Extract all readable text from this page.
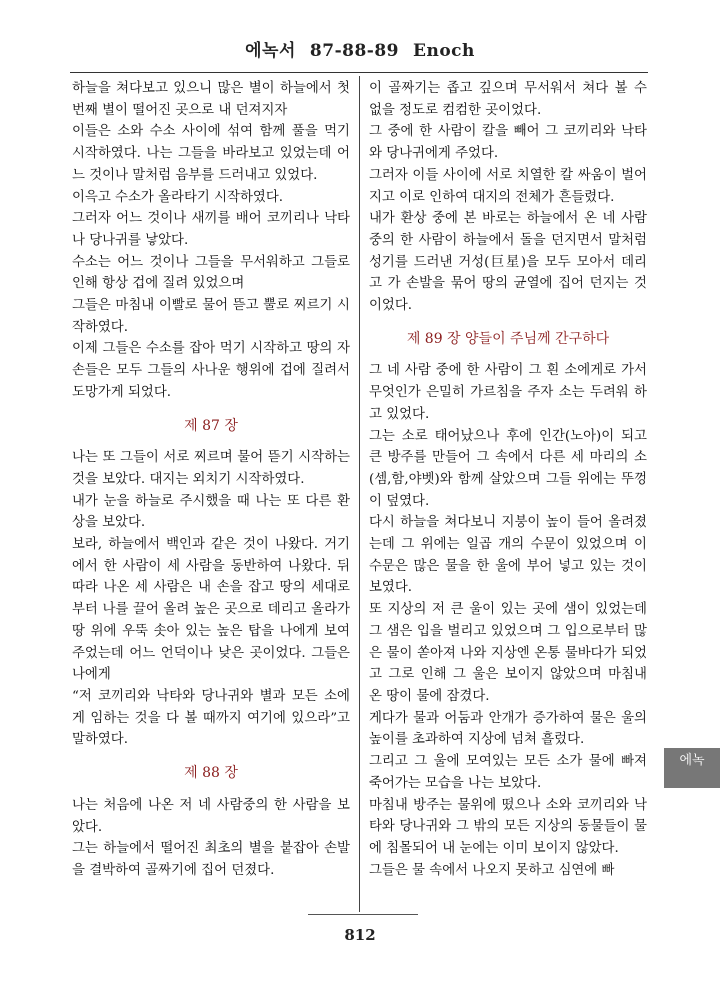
에녹서 87-88-89 Enoch

하늘을 쳐다보고 있으니 많은 별이 하늘에서 첫 번째 별이 떨어진 곳으로 내 던져지자

이들은 소와 수소 사이에 섞여 함께 풀을 먹기 시작하였다. 나는 그들을 바라보고 있었는데 어느 것이나 말처럼 음부를 드러내고 있었다.

이윽고 수소가 올라타기 시작하였다.

그러자 어느 것이나 새끼를 배어 코끼리나 낙타나 당나귀를 낳았다.

수소는 어느 것이나 그들을 무서워하고 그들로 인해 항상 겁에 질려 있었으며

그들은 마침내 이빨로 물어 뜯고 뿔로 찌르기 시작하였다.

이제 그들은 수소를 잡아 먹기 시작하고 땅의 자손들은 모두 그들의 사나운 행위에 겁에 질려서 도망가게 되었다.

제 87 장

나는 또 그들이 서로 찌르며 물어 뜯기 시작하는 것을 보았다. 대지는 외치기 시작하였다.

내가 눈을 하늘로 주시했을 때 나는 또 다른 환상을 보았다.

보라, 하늘에서 백인과 같은 것이 나왔다. 거기에서 한 사람이 세 사람을 동반하여 나왔다. 뒤따라 나온 세 사람은 내 손을 잡고 땅의 세대로부터 나를 끌어 올려 높은 곳으로 데리고 올라가 땅 위에 우뚝 솟아 있는 높은 탑을 나에게 보여 주었는데 어느 언덕이나 낮은 곳이었다. 그들은 나에게

“저 코끼리와 낙타와 당나귀와 별과 모든 소에게 임하는 것을 다 볼 때까지 여기에 있으라”고 말하였다.

제 88 장

나는 처음에 나온 저 네 사람중의 한 사람을 보았다.

그는 하늘에서 떨어진 최초의 별을 붙잡아 손발을 결박하여 골짜기에 집어 던졌다.

이 골짜기는 좁고 깊으며 무서워서 쳐다 볼 수 없을 정도로 컴컴한 곳이었다.

그 중에 한 사람이 칼을 빼어 그 코끼리와 낙타와 당나귀에게 주었다.

그러자 이들 사이에 서로 치열한 칼 싸움이 벌어지고 이로 인하여 대지의 전체가 흔들렸다.

내가 환상 중에 본 바로는 하늘에서 온 네 사람중의 한 사람이 하늘에서 돌을 던지면서 말처럼 성기를 드러낸 거성(巨星)을 모두 모아서 데리고 가 손발을 묶어 땅의 균열에 집어 던지는 것이었다.

제 89 장 양들이 주님께 간구하다

그 네 사람 중에 한 사람이 그 흰 소에게로 가서 무엇인가 은밀히 가르침을 주자 소는 두려워 하고 있었다.

그는 소로 태어났으나 후에 인간(노아)이 되고 큰 방주를 만들어 그 속에서 다른 세 마리의 소(셈,함,야벳)와 함께 살았으며 그들 위에는 뚜껑이 덮였다.

다시 하늘을 쳐다보니 지붕이 높이 들어 올려졌는데 그 위에는 일곱 개의 수문이 있었으며 이 수문은 많은 물을 한 울에 부어 넣고 있는 것이 보였다.

또 지상의 저 큰 울이 있는 곳에 샘이 있었는데 그 샘은 입을 벌리고 있었으며 그 입으로부터 많은 물이 쏟아져 나와 지상엔 온통 물바다가 되었고 그로 인해 그 울은 보이지 않았으며 마침내 온 땅이 물에 잠겼다.

게다가 물과 어둠과 안개가 증가하여 물은 울의 높이를 초과하여 지상에 넘쳐 흘렀다.

그리고 그 울에 모여있는 모든 소가 물에 빠져 죽어가는 모습을 나는 보았다.

마침내 방주는 물위에 떴으나 소와 코끼리와 낙타와 당나귀와 그 밖의 모든 지상의 동물들이 물에 침몰되어 내 눈에는 이미 보이지 않았다.

그들은 물 속에서 나오지 못하고 심연에 빠

812
에녹
